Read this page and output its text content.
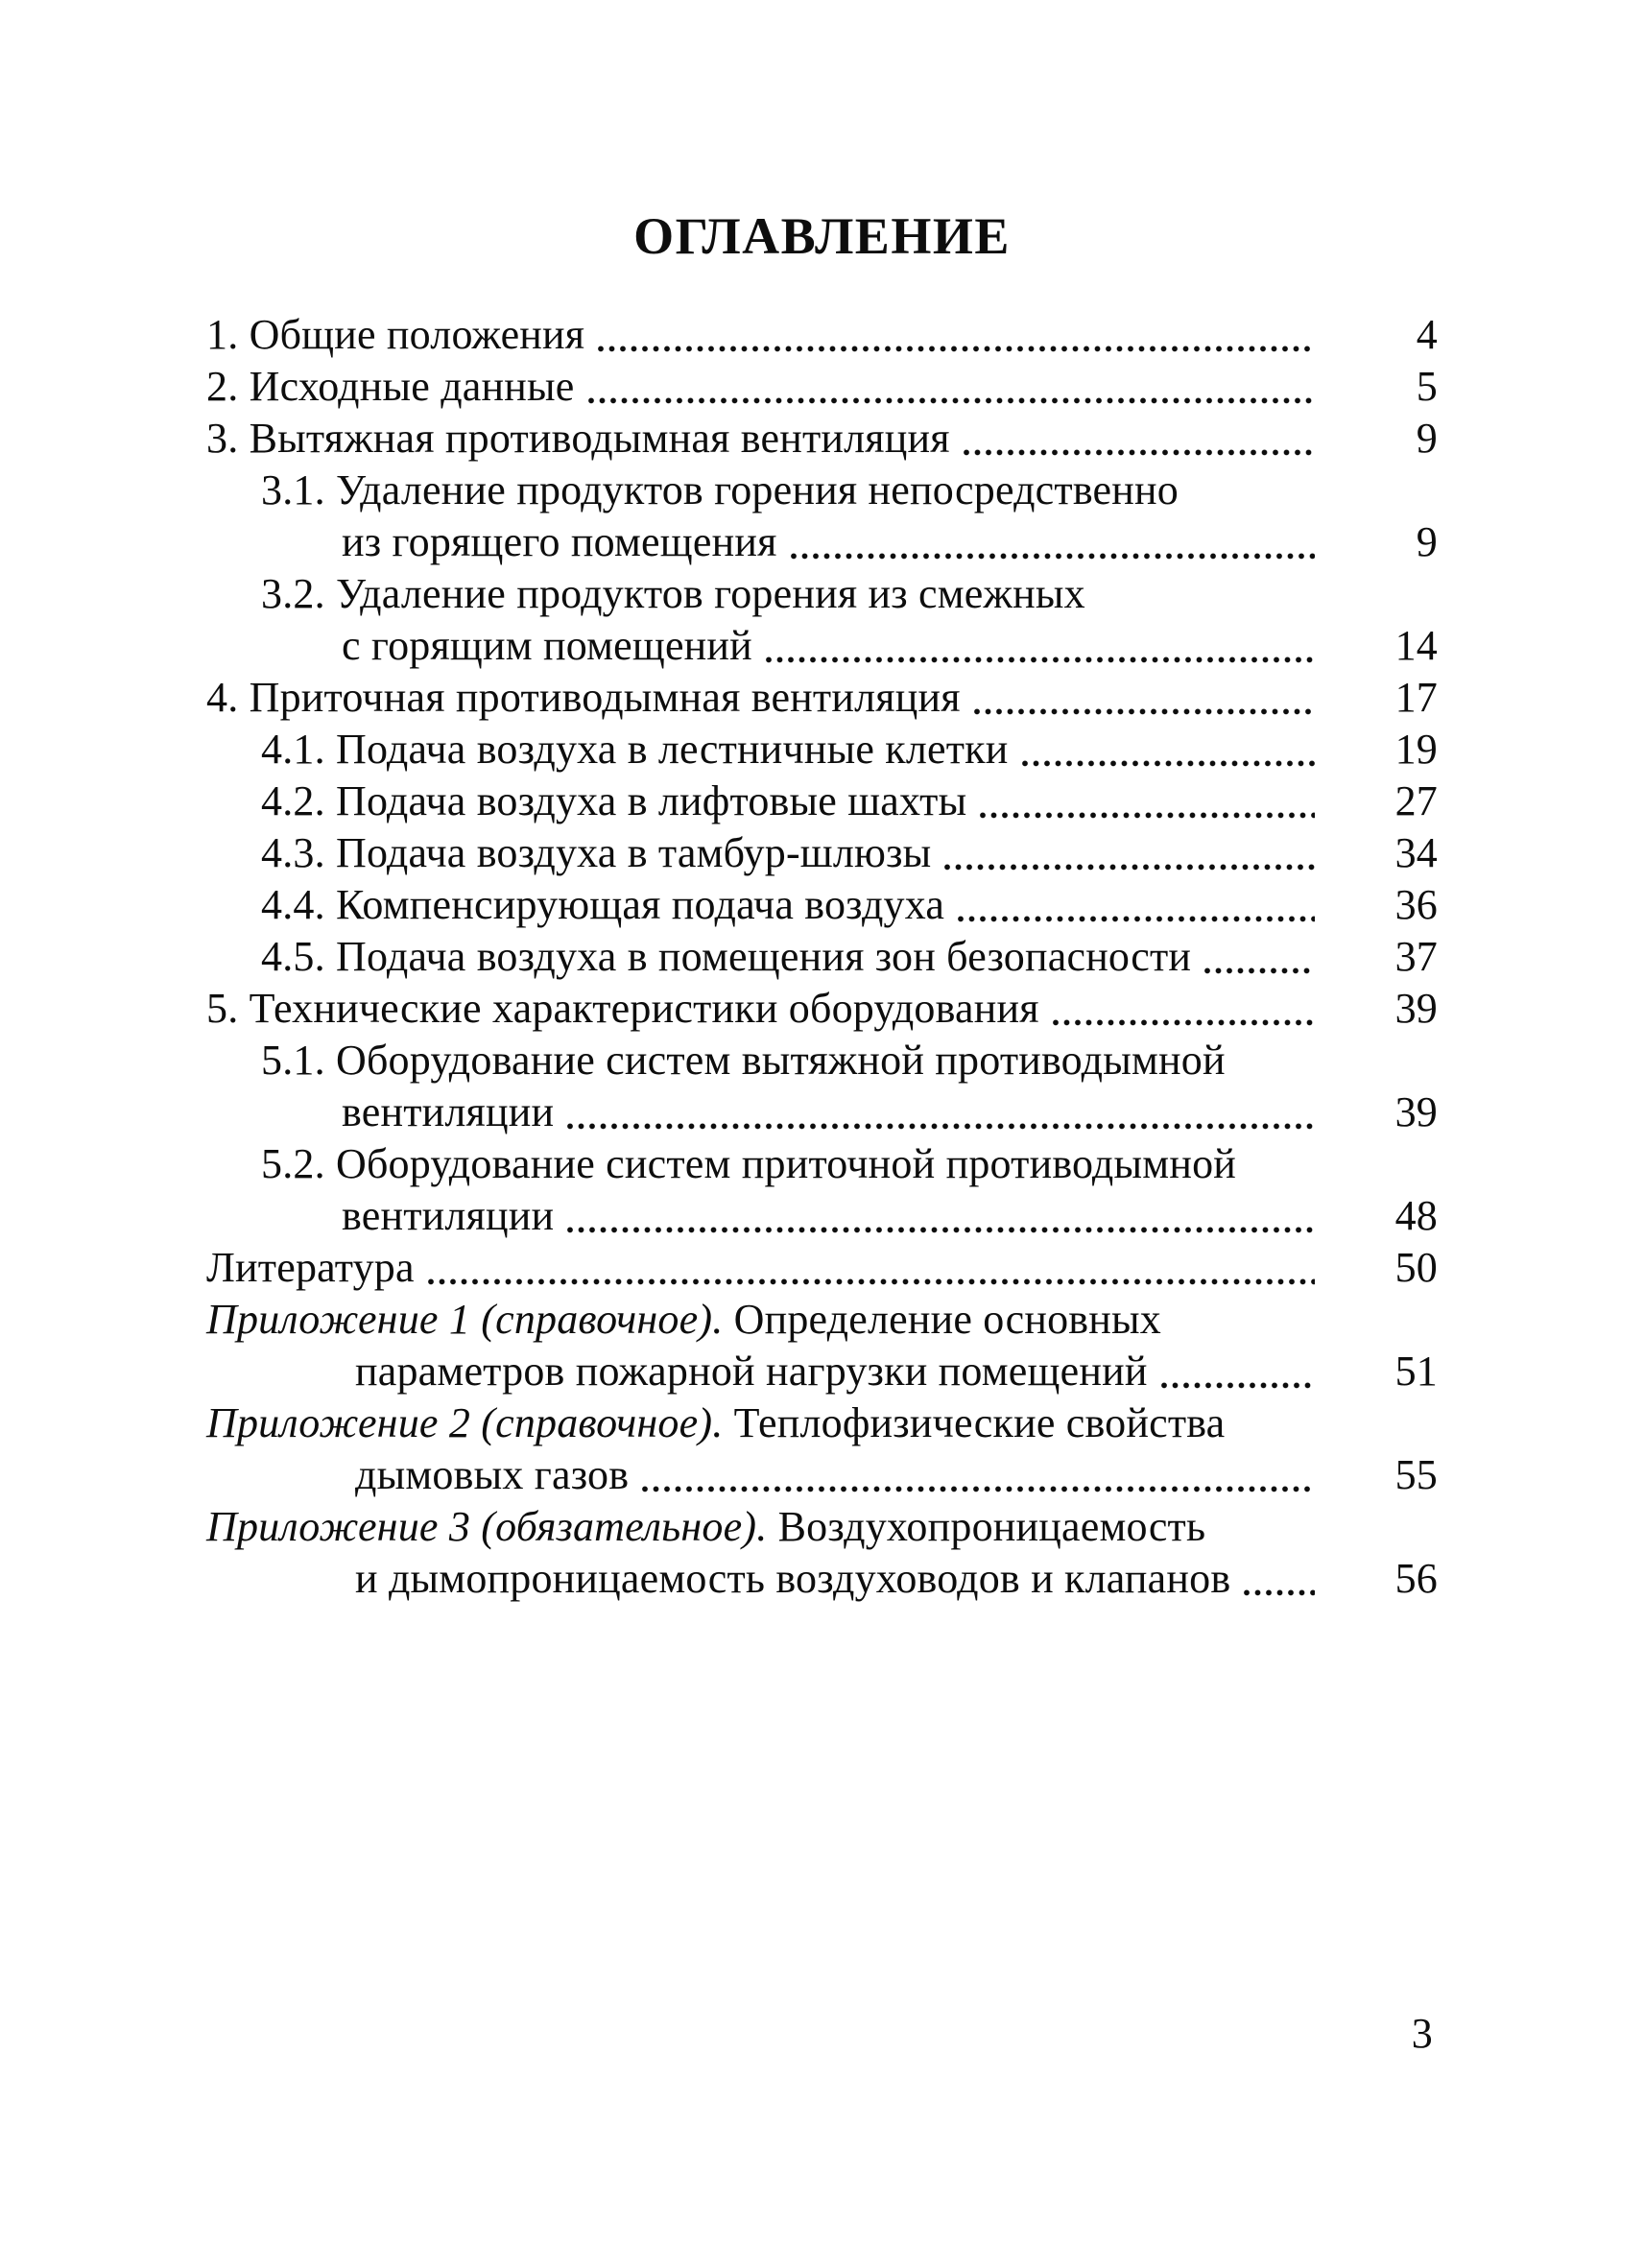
ОГЛАВЛЕНИЕ
1. Общие положения	4
2. Исходные данные	5
3. Вытяжная противодымная вентиляция	9
3.1. Удаление продуктов горения непосредственно
из горящего помещения	9
3.2. Удаление продуктов горения из смежных
с горящим помещений	14
4. Приточная противодымная вентиляция	17
4.1. Подача воздуха в лестничные клетки	19
4.2. Подача воздуха в лифтовые шахты	27
4.3. Подача воздуха в тамбур-шлюзы	34
4.4. Компенсирующая подача воздуха	36
4.5. Подача воздуха в помещения зон безопасности	37
5. Технические характеристики оборудования	39
5.1. Оборудование систем вытяжной противодымной
вентиляции	39
5.2. Оборудование систем приточной противодымной
вентиляции	48
Литература	50
Приложение 1 (справочное). Определение основных
параметров пожарной нагрузки помещений	51
Приложение 2 (справочное). Теплофизические свойства
дымовых газов	55
Приложение 3 (обязательное). Воздухопроницаемость
и дымопроницаемость воздуховодов и клапанов	56
3
